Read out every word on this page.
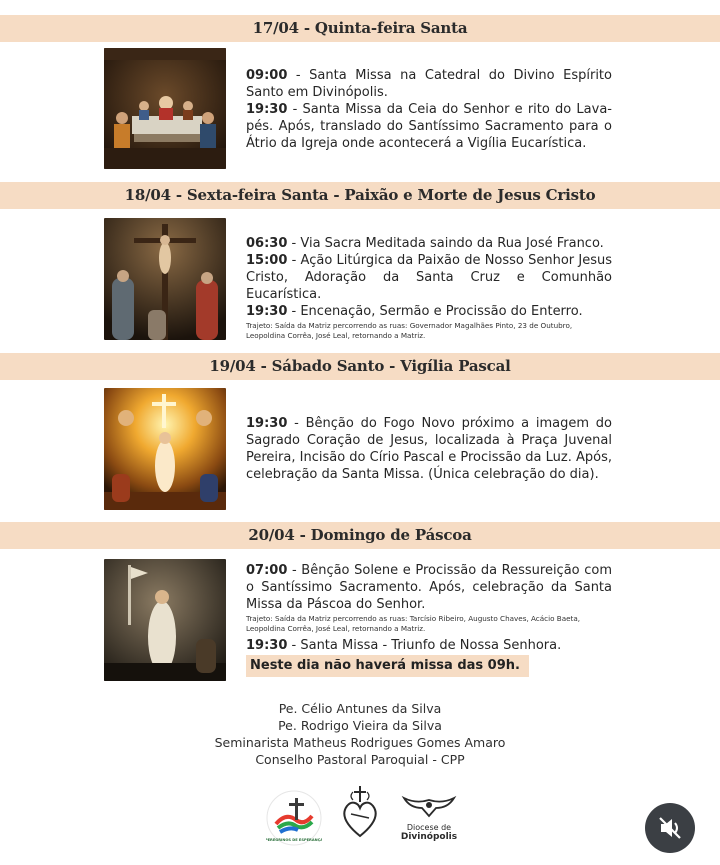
17/04 - Quinta-feira Santa

09:00 - Santa Missa na Catedral do Divino Espírito Santo em Divinópolis.

19:30 - Santa Missa da Ceia do Senhor e rito do Lava-pés. Após, translado do Santíssimo Sacramento para o Átrio da Igreja onde acontecerá a Vigília Eucarística.

18/04 - Sexta-feira Santa - Paixão e Morte de Jesus Cristo

06:30 - Via Sacra Meditada saindo da Rua José Franco.

15:00 - Ação Litúrgica da Paixão de Nosso Senhor Jesus Cristo, Adoração da Santa Cruz e Comunhão Eucarística.

19:30 - Encenação, Sermão e Procissão do Enterro.

Trajeto: Saída da Matriz percorrendo as ruas: Governador Magalhães Pinto, 23 de Outubro, Leopoldina Corrêa, José Leal, retornando a Matriz.

19/04 - Sábado Santo - Vigília Pascal

19:30 - Bênção do Fogo Novo próximo a imagem do Sagrado Coração de Jesus, localizada à Praça Juvenal Pereira, Incisão do Círio Pascal e Procissão da Luz. Após, celebração da Santa Missa. (Única celebração do dia).

20/04 - Domingo de Páscoa

07:00 - Bênção Solene e Procissão da Ressureição com o Santíssimo Sacramento. Após, celebração da Santa Missa da Páscoa do Senhor.

Trajeto: Saída da Matriz percorrendo as ruas: Tarcísio Ribeiro, Augusto Chaves, Acácio Baeta, Leopoldina Corrêa, José Leal, retornando a Matriz.

19:30 - Santa Missa - Triunfo de Nossa Senhora.

Neste dia não haverá missa das 09h.
Pe. Célio Antunes da Silva
Pe. Rodrigo Vieira da Silva
Seminarista Matheus Rodrigues Gomes Amaro
Conselho Pastoral Paroquial - CPP
PEREGRINOS DE ESPERANÇA
Diocese de
Divinópolis
